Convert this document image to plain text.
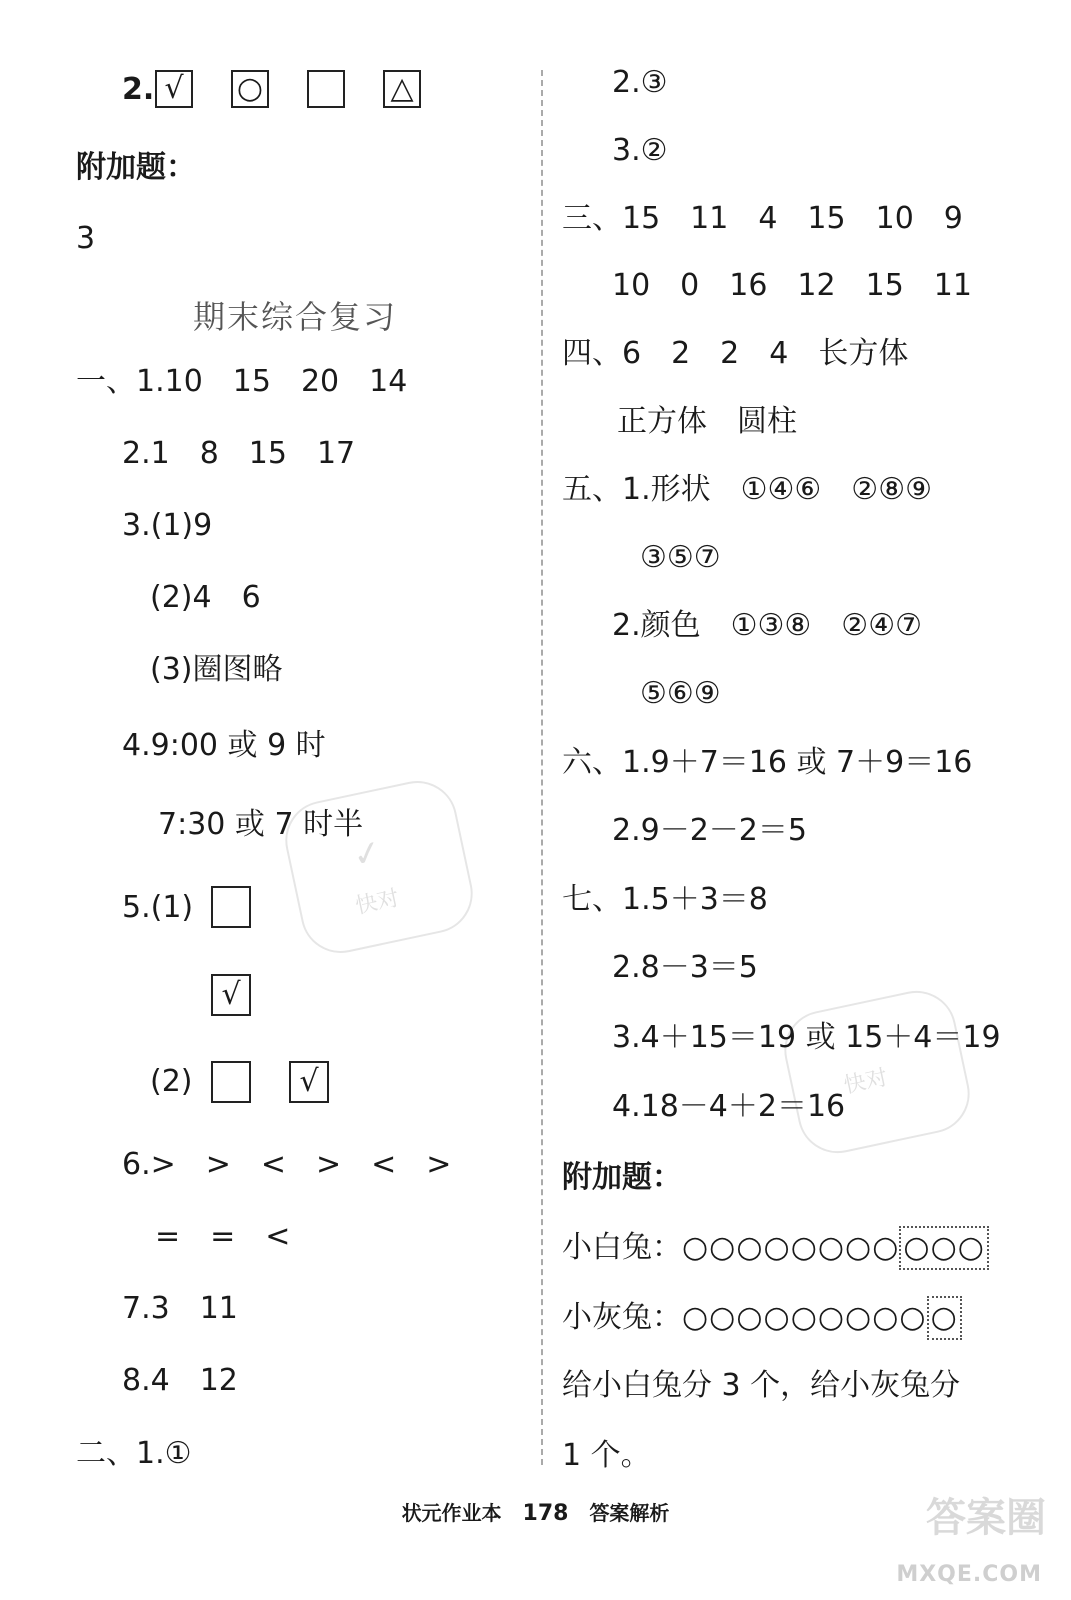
✓
快对
快对
2. √	○	△
附加题：
3
期末综合复习
一、1.10　15　20　14
2.1　8　15　17
3.(1)9
(2)4　6
(3)圈图略
4.9:00 或 9 时
7:30 或 7 时半
5.(1)
√
(2)	√
6.>　>　<　>　<　>
=　=　<
7.3　11
8.4　12
二、1.①
2.③
3.②
三、15　11　4　15　10　9
10　0　16　12　15　11
四、6　2　2　4　长方体
正方体　圆柱
五、1.形状　①④⑥　②⑧⑨
③⑤⑦
2.颜色　①③⑧　②④⑦
⑤⑥⑨
六、1.9＋7＝16 或 7＋9＝16
2.9－2－2＝5
七、1.5＋3＝8
2.8－3＝5
3.4＋15＝19 或 15＋4＝19
4.18－4＋2＝16
附加题：
小白兔：○○○○○○○○ ○○○
小灰兔：○○○○○○○○○ ○
给小白兔分 3 个，给小灰兔分
1 个。
状元作业本 178 答案解析	答案圈
MXQE.COM
